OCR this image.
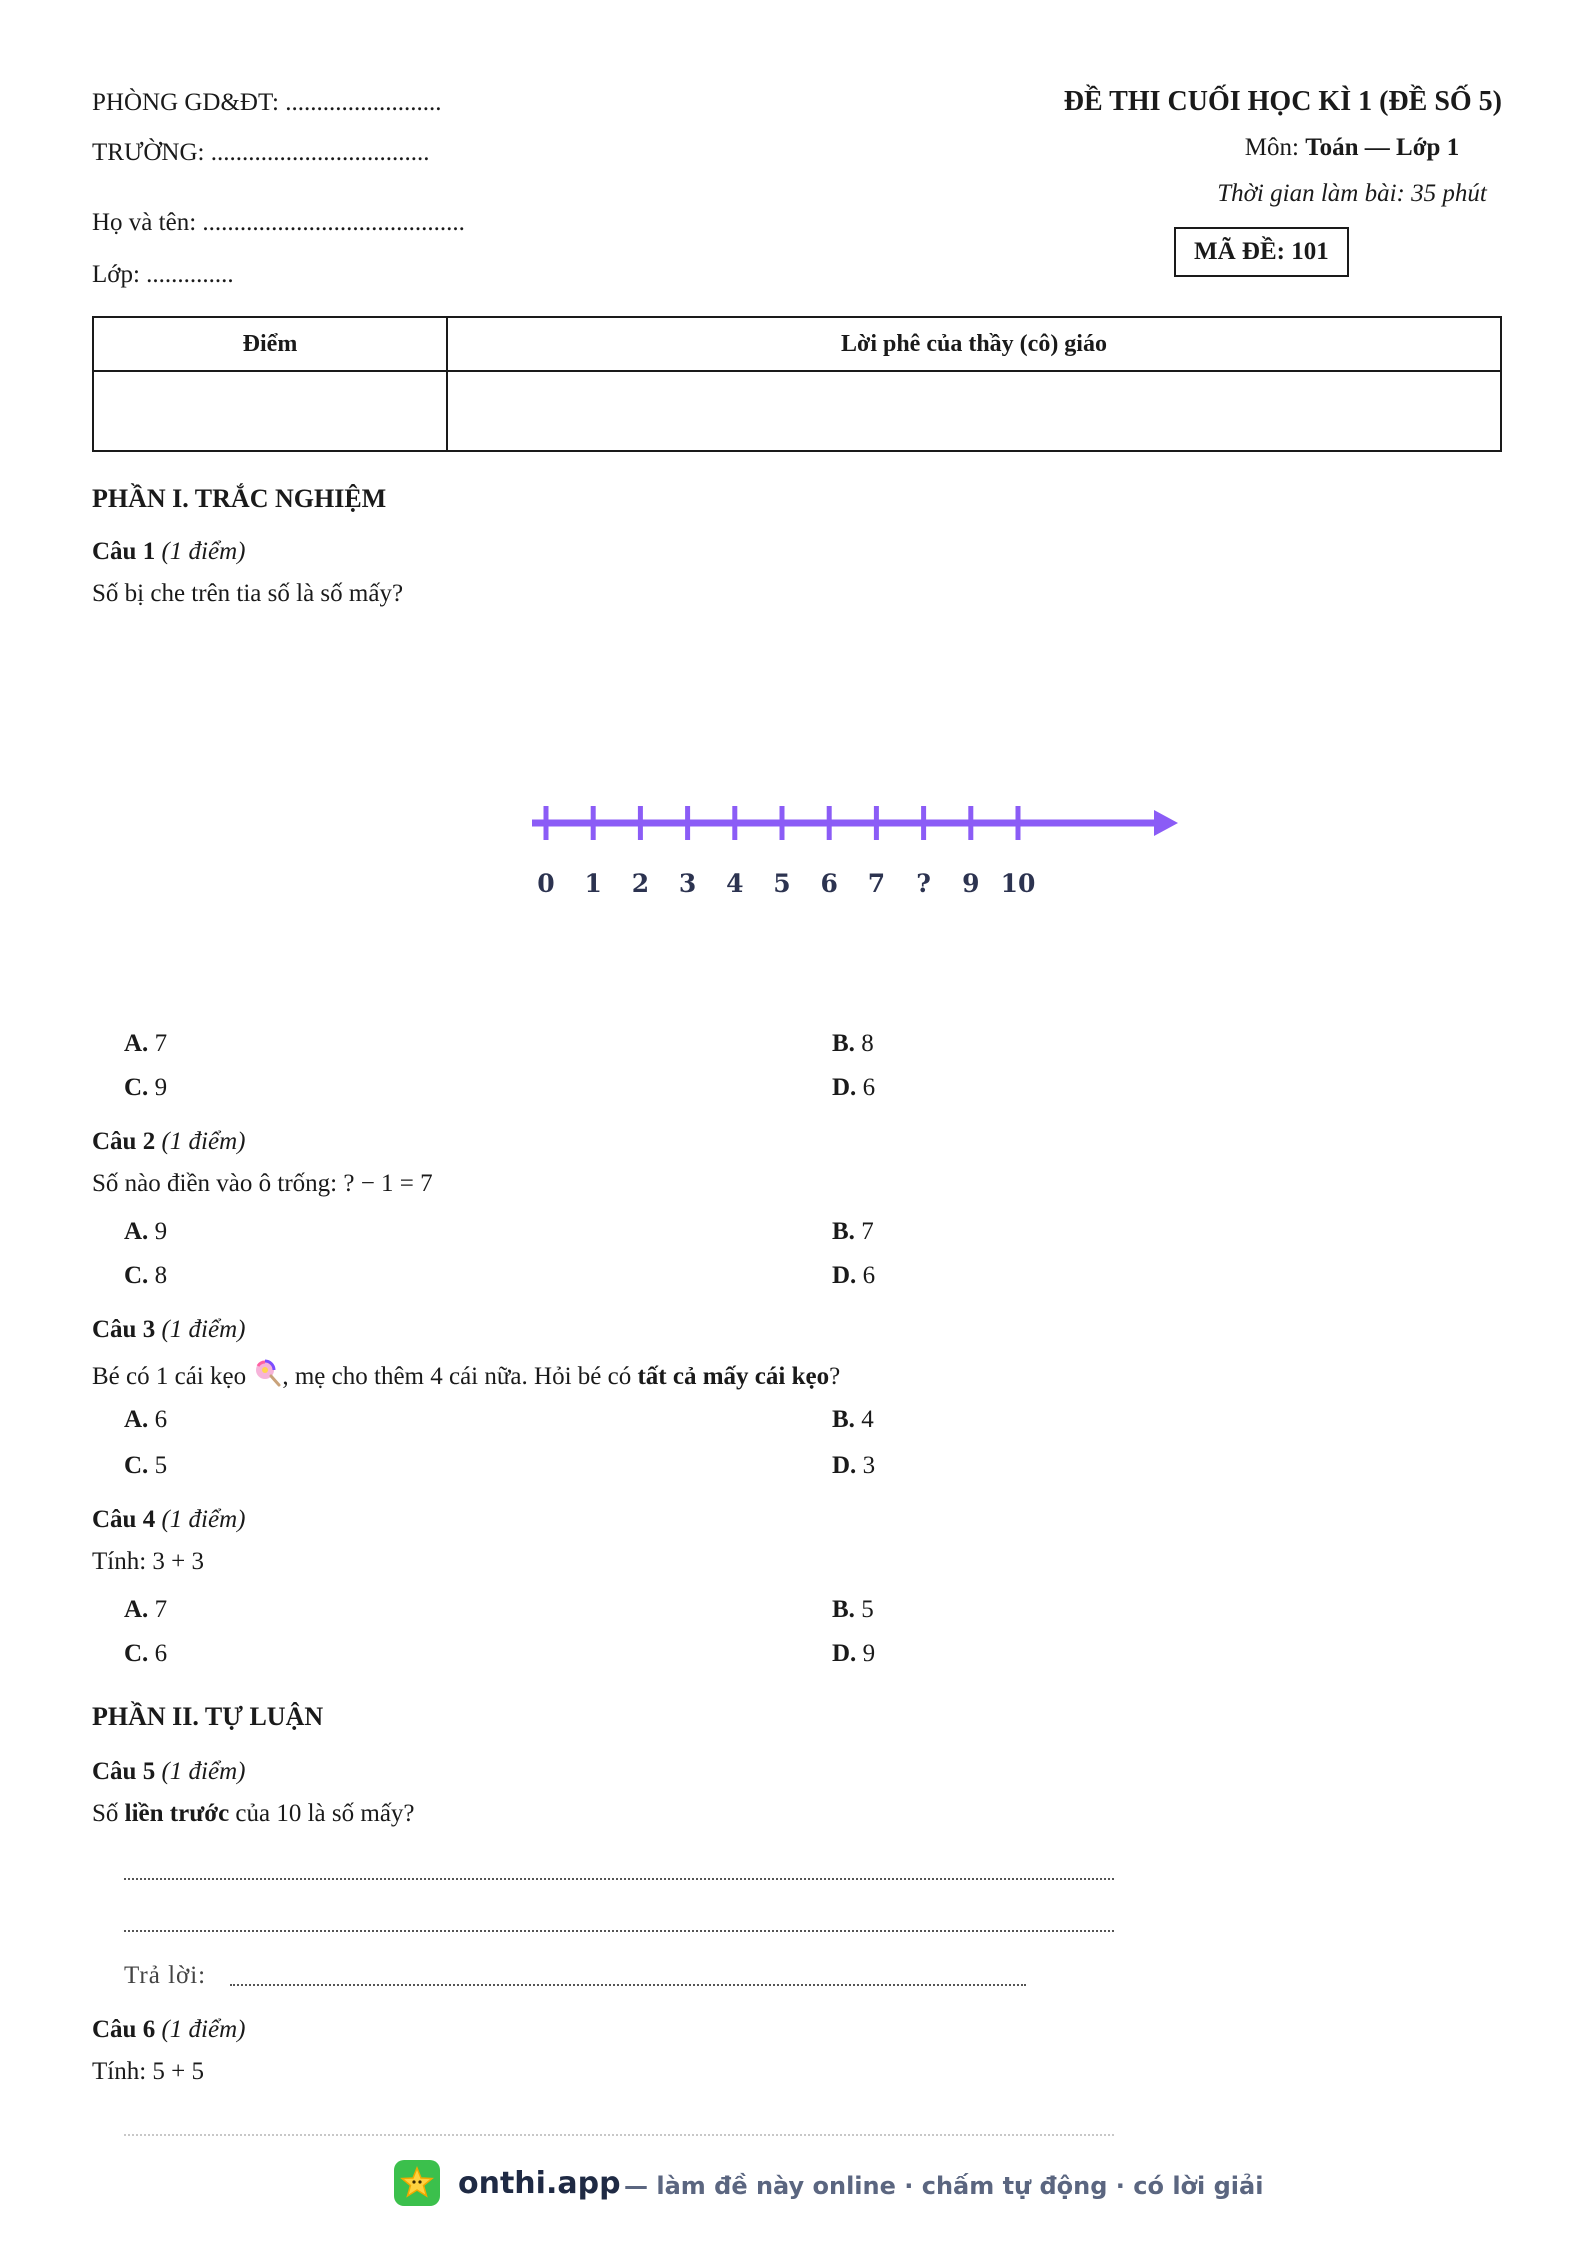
PHÒNG GD&ĐT: .........................
TRƯỜNG: ...................................
Họ và tên: ..........................................
Lớp: ..............
ĐỀ THI CUỐI HỌC KÌ 1 (ĐỀ SỐ 5)
Môn: Toán — Lớp 1
Thời gian làm bài: 35 phút
MÃ ĐỀ: 101
Điểm	Lời phê của thầy (cô) giáo

PHẦN I. TRẮC NGHIỆM
Câu 1 (1 điểm)
Số bị che trên tia số là số mấy?
0 1 2 3 4 5 6 7 ? 9 10
A. 7	B. 8
C. 9	D. 6
Câu 2 (1 điểm)
Số nào điền vào ô trống: ? − 1 = 7
A. 9	B. 7
C. 8	D. 6
Câu 3 (1 điểm)
Bé có 1 cái kẹo , mẹ cho thêm 4 cái nữa. Hỏi bé có tất cả mấy cái kẹo?
A. 6	B. 4
C. 5	D. 3
Câu 4 (1 điểm)
Tính: 3 + 3
A. 7	B. 5
C. 6	D. 9
PHẦN II. TỰ LUẬN
Câu 5 (1 điểm)
Số liền trước của 10 là số mấy?
Trả lời:
Câu 6 (1 điểm)
Tính: 5 + 5
onthi.app — làm đề này online · chấm tự động · có lời giải
